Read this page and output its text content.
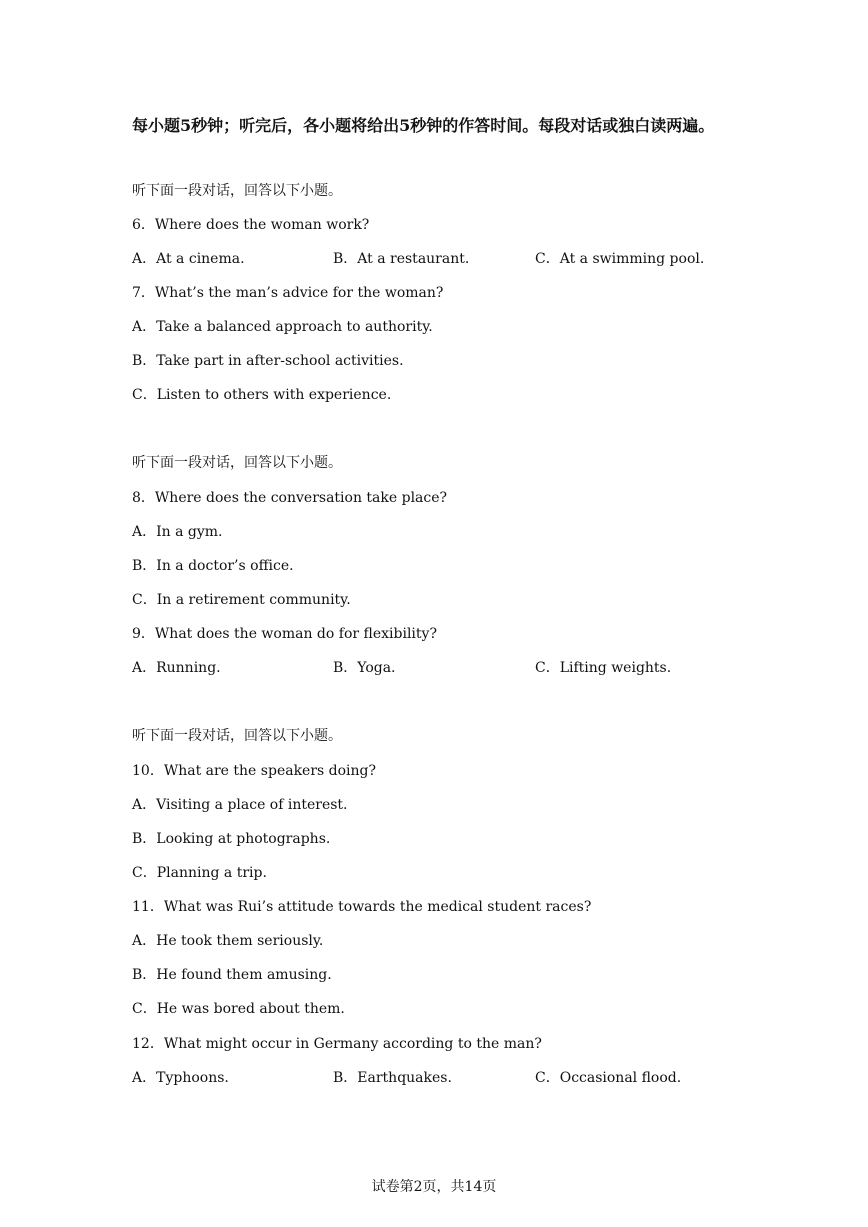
每小题5秒钟；听完后，各小题将给出5秒钟的作答时间。每段对话或独白读两遍。
听下面一段对话，回答以下小题。
6．Where does the woman work?
A．At a cinema.	B．At a restaurant.	C．At a swimming pool.
7．What’s the man’s advice for the woman?
A．Take a balanced approach to authority.
B．Take part in after-school activities.
C．Listen to others with experience.
听下面一段对话，回答以下小题。
8．Where does the conversation take place?
A．In a gym.
B．In a doctor’s office.
C．In a retirement community.
9．What does the woman do for flexibility?
A．Running.	B．Yoga.	C．Lifting weights.
听下面一段对话，回答以下小题。
10．What are the speakers doing?
A．Visiting a place of interest.
B．Looking at photographs.
C．Planning a trip.
11．What was Rui’s attitude towards the medical student races?
A．He took them seriously.
B．He found them amusing.
C．He was bored about them.
12．What might occur in Germany according to the man?
A．Typhoons.	B．Earthquakes.	C．Occasional flood.
试卷第2页，共14页
